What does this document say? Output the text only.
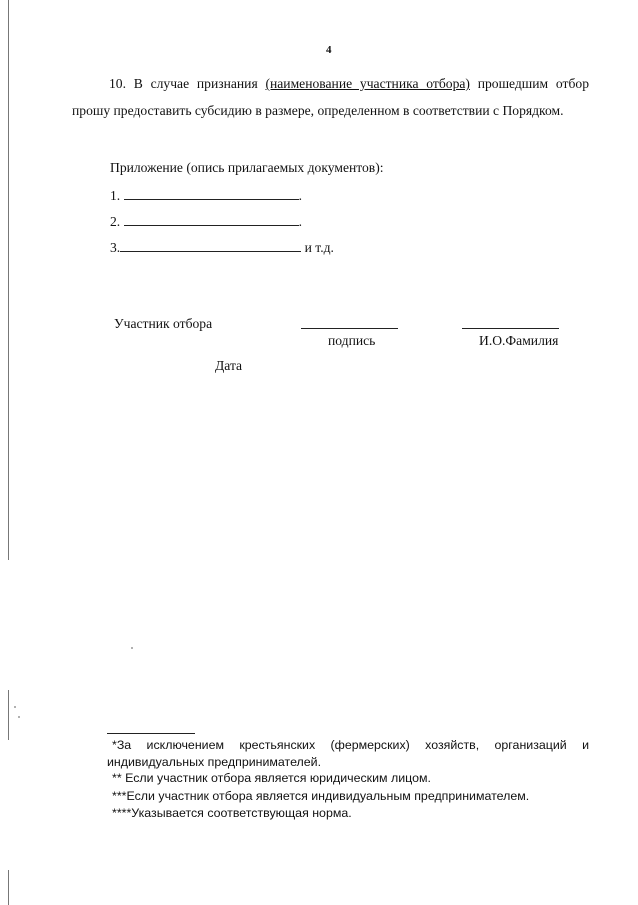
4
10. В случае признания (наименование участника отбора) прошедшим отбор прошу предоставить субсидию в размере, определенном в соответствии с Порядком.
Приложение (опись прилагаемых документов):
1.	.
2.	.
3.	и т.д.
Участник отбора
подпись	И.О.Фамилия
Дата
*За исключением крестьянских (фермерских) хозяйств, организаций и индивидуальных предпринимателей.
** Если участник отбора является юридическим лицом.
***Если участник отбора является индивидуальным предпринимателем.
****Указывается соответствующая норма.
